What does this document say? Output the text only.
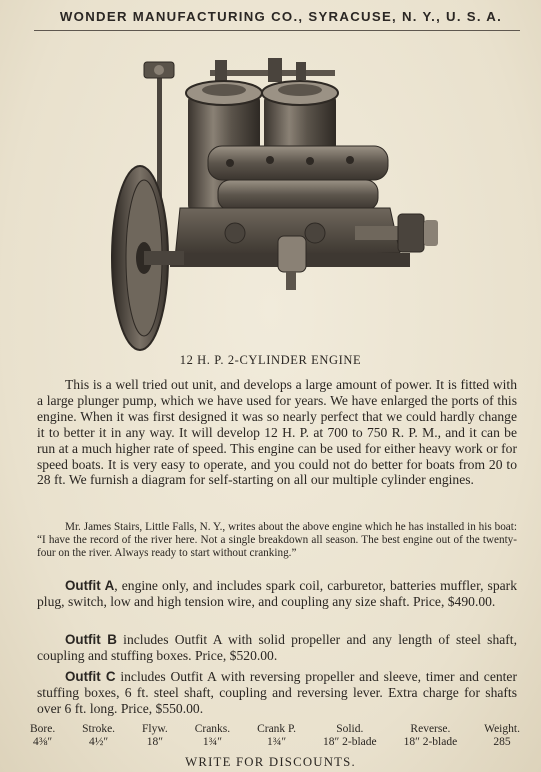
WONDER MANUFACTURING CO., SYRACUSE, N. Y., U. S. A.
12 H. P. 2-CYLINDER ENGINE

This is a well tried out unit, and develops a large amount of power. It is fitted with a large plunger pump, which we have used for years. We have enlarged the ports of this engine. When it was first designed it was so nearly perfect that we could hardly change it to better it in any way. It will develop 12 H. P. at 700 to 750 R. P. M., and it can be run at a much higher rate of speed. This engine can be used for either heavy work or for speed boats. It is very easy to operate, and you could not do better for boats from 20 to 28 ft. We furnish a diagram for self-starting on all our multiple cylinder engines.

Mr. James Stairs, Little Falls, N. Y., writes about the above engine which he has installed in his boat: “I have the record of the river here. Not a single breakdown all season. The best engine out of the twenty-four on the river. Always ready to start without cranking.”

Outfit A, engine only, and includes spark coil, carburetor, batteries muffler, spark plug, switch, low and high tension wire, and coupling any size shaft. Price, $490.00.

Outfit B includes Outfit A with solid propeller and any length of steel shaft, coupling and stuffing boxes. Price, $520.00.

Outfit C includes Outfit A with reversing propeller and sleeve, timer and center stuffing boxes, 6 ft. steel shaft, coupling and reversing lever. Extra charge for shafts over 6 ft. long. Price, $550.00.

Bore.
4⅜″
Stroke.
4½″
Flyw.
18″
Cranks.
1¾″
Crank P.
1¾″
Solid.
18″ 2-blade
Reverse.
18″ 2-blade
Weight.
285
WRITE FOR DISCOUNTS.
